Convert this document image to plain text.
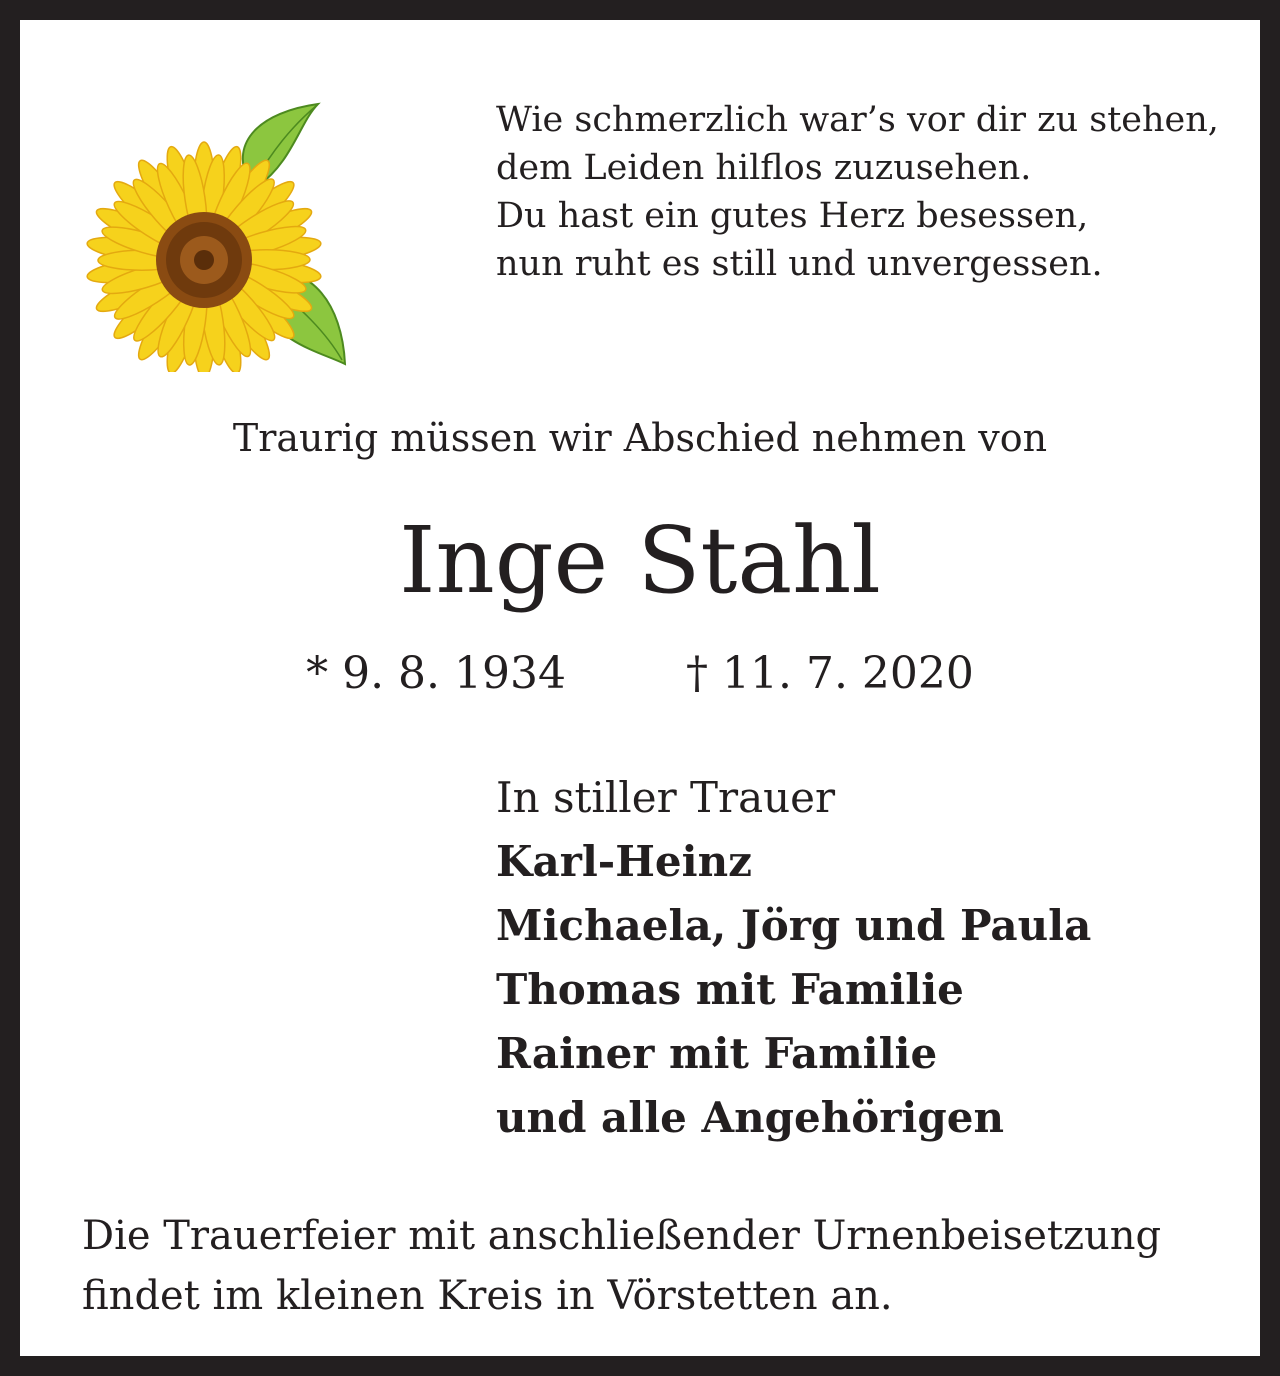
Wie schmerzlich war’s vor dir zu stehen,
dem Leiden hilflos zuzusehen.
Du hast ein gutes Herz besessen,
nun ruht es still und unvergessen.
Traurig müssen wir Abschied nehmen von
Inge Stahl
* 9. 8. 1934	† 11. 7. 2020
In stiller Trauer
Karl-Heinz
Michaela, Jörg und Paula
Thomas mit Familie
Rainer mit Familie
und alle Angehörigen
Die Trauerfeier mit anschließender Urnenbeisetzung
findet im kleinen Kreis in Vörstetten an.
